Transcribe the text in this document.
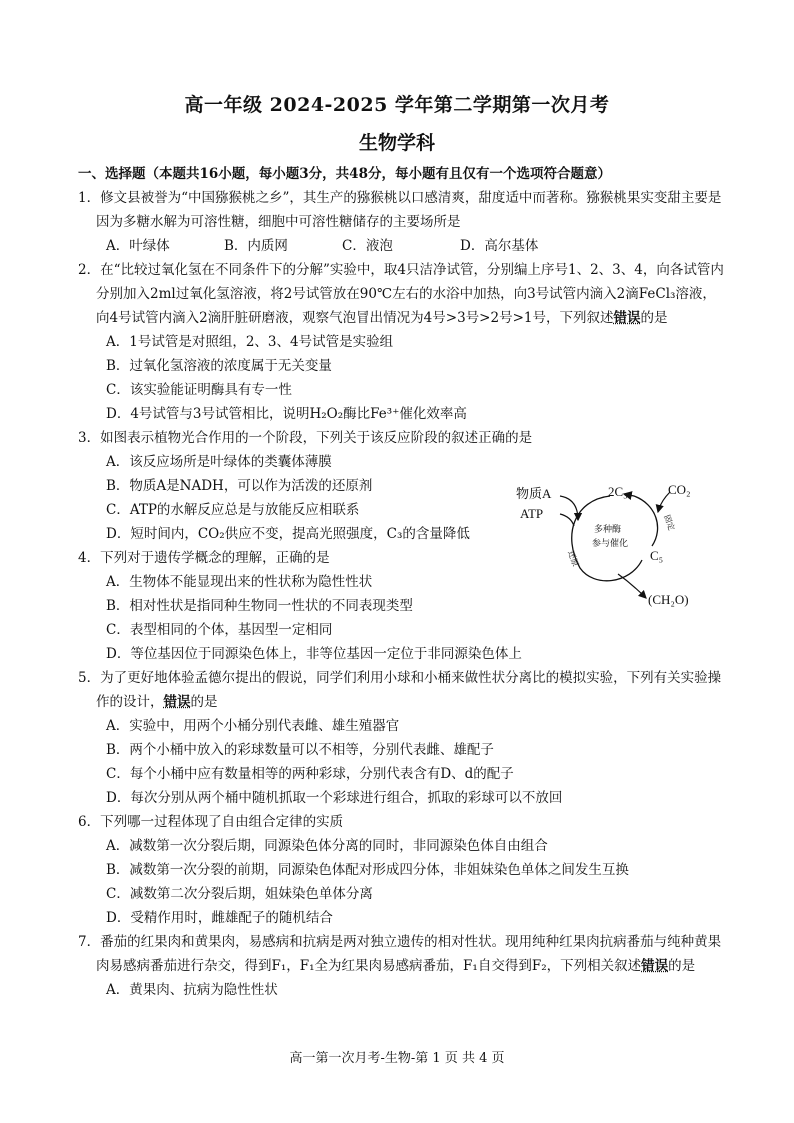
高一年级 2024-2025 学年第二学期第一次月考
生物学科
一、选择题（本题共16小题，每小题3分，共48分，每小题有且仅有一个选项符合题意）
1．修文县被誉为“中国猕猴桃之乡”，其生产的猕猴桃以口感清爽，甜度适中而著称。猕猴桃果实变甜主要是因为多糖水解为可溶性糖，细胞中可溶性糖储存的主要场所是
A．叶绿体	B．内质网	C．液泡	D．高尔基体
2．在“比较过氧化氢在不同条件下的分解”实验中，取4只洁净试管，分别编上序号1、2、3、4，向各试管内分别加入2ml过氧化氢溶液，将2号试管放在90℃左右的水浴中加热，向3号试管内滴入2滴FeCl₃溶液，向4号试管内滴入2滴肝脏研磨液，观察气泡冒出情况为4号>3号>2号>1号，下列叙述错误的是
A．1号试管是对照组，2、3、4号试管是实验组
B．过氧化氢溶液的浓度属于无关变量
C．该实验能证明酶具有专一性
D．4号试管与3号试管相比，说明H₂O₂酶比Fe³⁺催化效率高
3．如图表示植物光合作用的一个阶段，下列关于该反应阶段的叙述正确的是
A．该反应场所是叶绿体的类囊体薄膜
B．物质A是NADH，可以作为活泼的还原剂
C．ATP的水解反应总是与放能反应相联系
D．短时间内，CO₂供应不变，提高光照强度，C₃的含量降低
4．下列对于遗传学概念的理解，正确的是
A．生物体不能显现出来的性状称为隐性性状
B．相对性状是指同种生物同一性状的不同表现类型
C．表型相同的个体，基因型一定相同
D．等位基因位于同源染色体上，非等位基因一定位于非同源染色体上
5．为了更好地体验孟德尔提出的假说，同学们利用小球和小桶来做性状分离比的模拟实验，下列有关实验操作的设计，错误的是
A．实验中，用两个小桶分别代表雌、雄生殖器官
B．两个小桶中放入的彩球数量可以不相等，分别代表雌、雄配子
C．每个小桶中应有数量相等的两种彩球，分别代表含有D、d的配子
D．每次分别从两个桶中随机抓取一个彩球进行组合，抓取的彩球可以不放回
6．下列哪一过程体现了自由组合定律的实质
A．减数第一次分裂后期，同源染色体分离的同时，非同源染色体自由组合
B．减数第一次分裂的前期，同源染色体配对形成四分体，非姐妹染色单体之间发生互换
C．减数第二次分裂后期，姐妹染色单体分离
D．受精作用时，雌雄配子的随机结合
7．番茄的红果肉和黄果肉，易感病和抗病是两对独立遗传的相对性状。现用纯种红果肉抗病番茄与纯种黄果肉易感病番茄进行杂交，得到F₁，F₁全为红果肉易感病番茄，F₁自交得到F₂，下列相关叙述错误的是
A．黄果肉、抗病为隐性性状
物质A
ATP
2C₃	CO₂
C₅
(CH₂O)
多种酶
参与催化
固定
还原
高一第一次月考-生物-第 1 页 共 4 页
